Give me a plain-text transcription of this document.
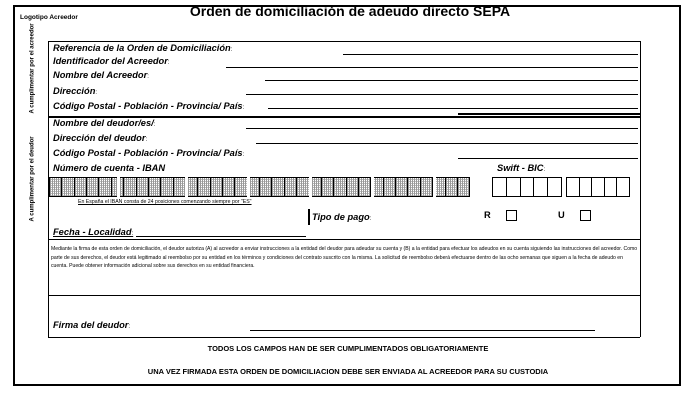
Logotipo Acreedor	Orden de domiciliación de adeudo directo SEPA
A cumplimentar por el acreedor
A cumplimentar por el deudor
Referencia de la Orden de Domiciliación:
Identificador del Acreedor:
Nombre del Acreedor:
Dirección:
Código Postal - Población - Provincia/ País:
Nombre del deudor/es/:
Dirección del deudor:
Código Postal - Población - Provincia/ País:
Número de cuenta - IBAN	Swift - BIC:
En España el IBAN consta de 24 posiciones comenzando siempre por "ES"
Tipo de pago:	R	U
Fecha - Localidad:
Mediante la firma de esta orden de domiciliación, el deudor autoriza (A) al acreedor a enviar instrucciones a la entidad del deudor para adeudar su cuenta y (B) a la entidad para efectuar los adeudos en su cuenta siguiendo las instrucciones del acreedor. Como parte de sus derechos, el deudor está legitimado al reembolso por su entidad en los términos y condiciones del contrato suscrito con la misma. La solicitud de reembolso deberá efectuarse dentro de las ocho semanas que siguen a la fecha de adeudo en cuenta. Puede obtener información adicional sobre sus derechos en su entidad financiera.
Firma del deudor:
TODOS LOS CAMPOS HAN DE SER CUMPLIMENTADOS OBLIGATORIAMENTE
UNA VEZ FIRMADA ESTA ORDEN DE DOMICILIACION DEBE SER ENVIADA AL ACREEDOR PARA SU CUSTODIA
